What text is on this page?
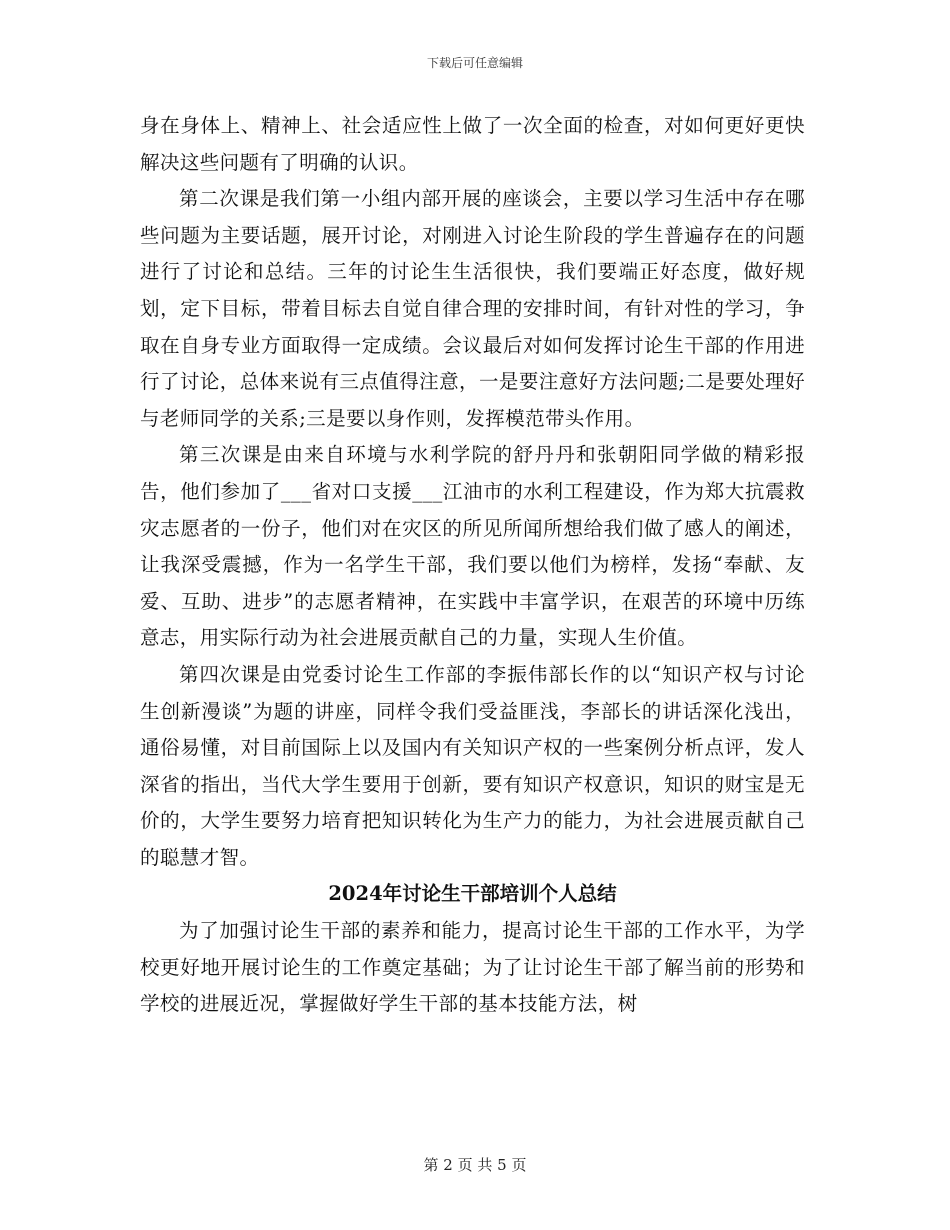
下载后可任意编辑

身在身体上、精神上、社会适应性上做了一次全面的检查，对如何更好更快解决这些问题有了明确的认识。

第二次课是我们第一小组内部开展的座谈会，主要以学习生活中存在哪些问题为主要话题，展开讨论，对刚进入讨论生阶段的学生普遍存在的问题进行了讨论和总结。三年的讨论生生活很快，我们要端正好态度，做好规划，定下目标，带着目标去自觉自律合理的安排时间，有针对性的学习，争取在自身专业方面取得一定成绩。会议最后对如何发挥讨论生干部的作用进行了讨论，总体来说有三点值得注意，一是要注意好方法问题;二是要处理好与老师同学的关系;三是要以身作则，发挥模范带头作用。

第三次课是由来自环境与水利学院的舒丹丹和张朝阳同学做的精彩报告，他们参加了___省对口支援___江油市的水利工程建设，作为郑大抗震救灾志愿者的一份子，他们对在灾区的所见所闻所想给我们做了感人的阐述，让我深受震撼，作为一名学生干部，我们要以他们为榜样，发扬“奉献、友爱、互助、进步”的志愿者精神，在实践中丰富学识，在艰苦的环境中历练意志，用实际行动为社会进展贡献自己的力量，实现人生价值。

第四次课是由党委讨论生工作部的李振伟部长作的以“知识产权与讨论生创新漫谈”为题的讲座，同样令我们受益匪浅，李部长的讲话深化浅出，通俗易懂，对目前国际上以及国内有关知识产权的一些案例分析点评，发人深省的指出，当代大学生要用于创新，要有知识产权意识，知识的财宝是无价的，大学生要努力培育把知识转化为生产力的能力，为社会进展贡献自己的聪慧才智。

2024年讨论生干部培训个人总结

为了加强讨论生干部的素养和能力，提高讨论生干部的工作水平，为学校更好地开展讨论生的工作奠定基础；为了让讨论生干部了解当前的形势和学校的进展近况，掌握做好学生干部的基本技能方法，树

第 2 页 共 5 页
